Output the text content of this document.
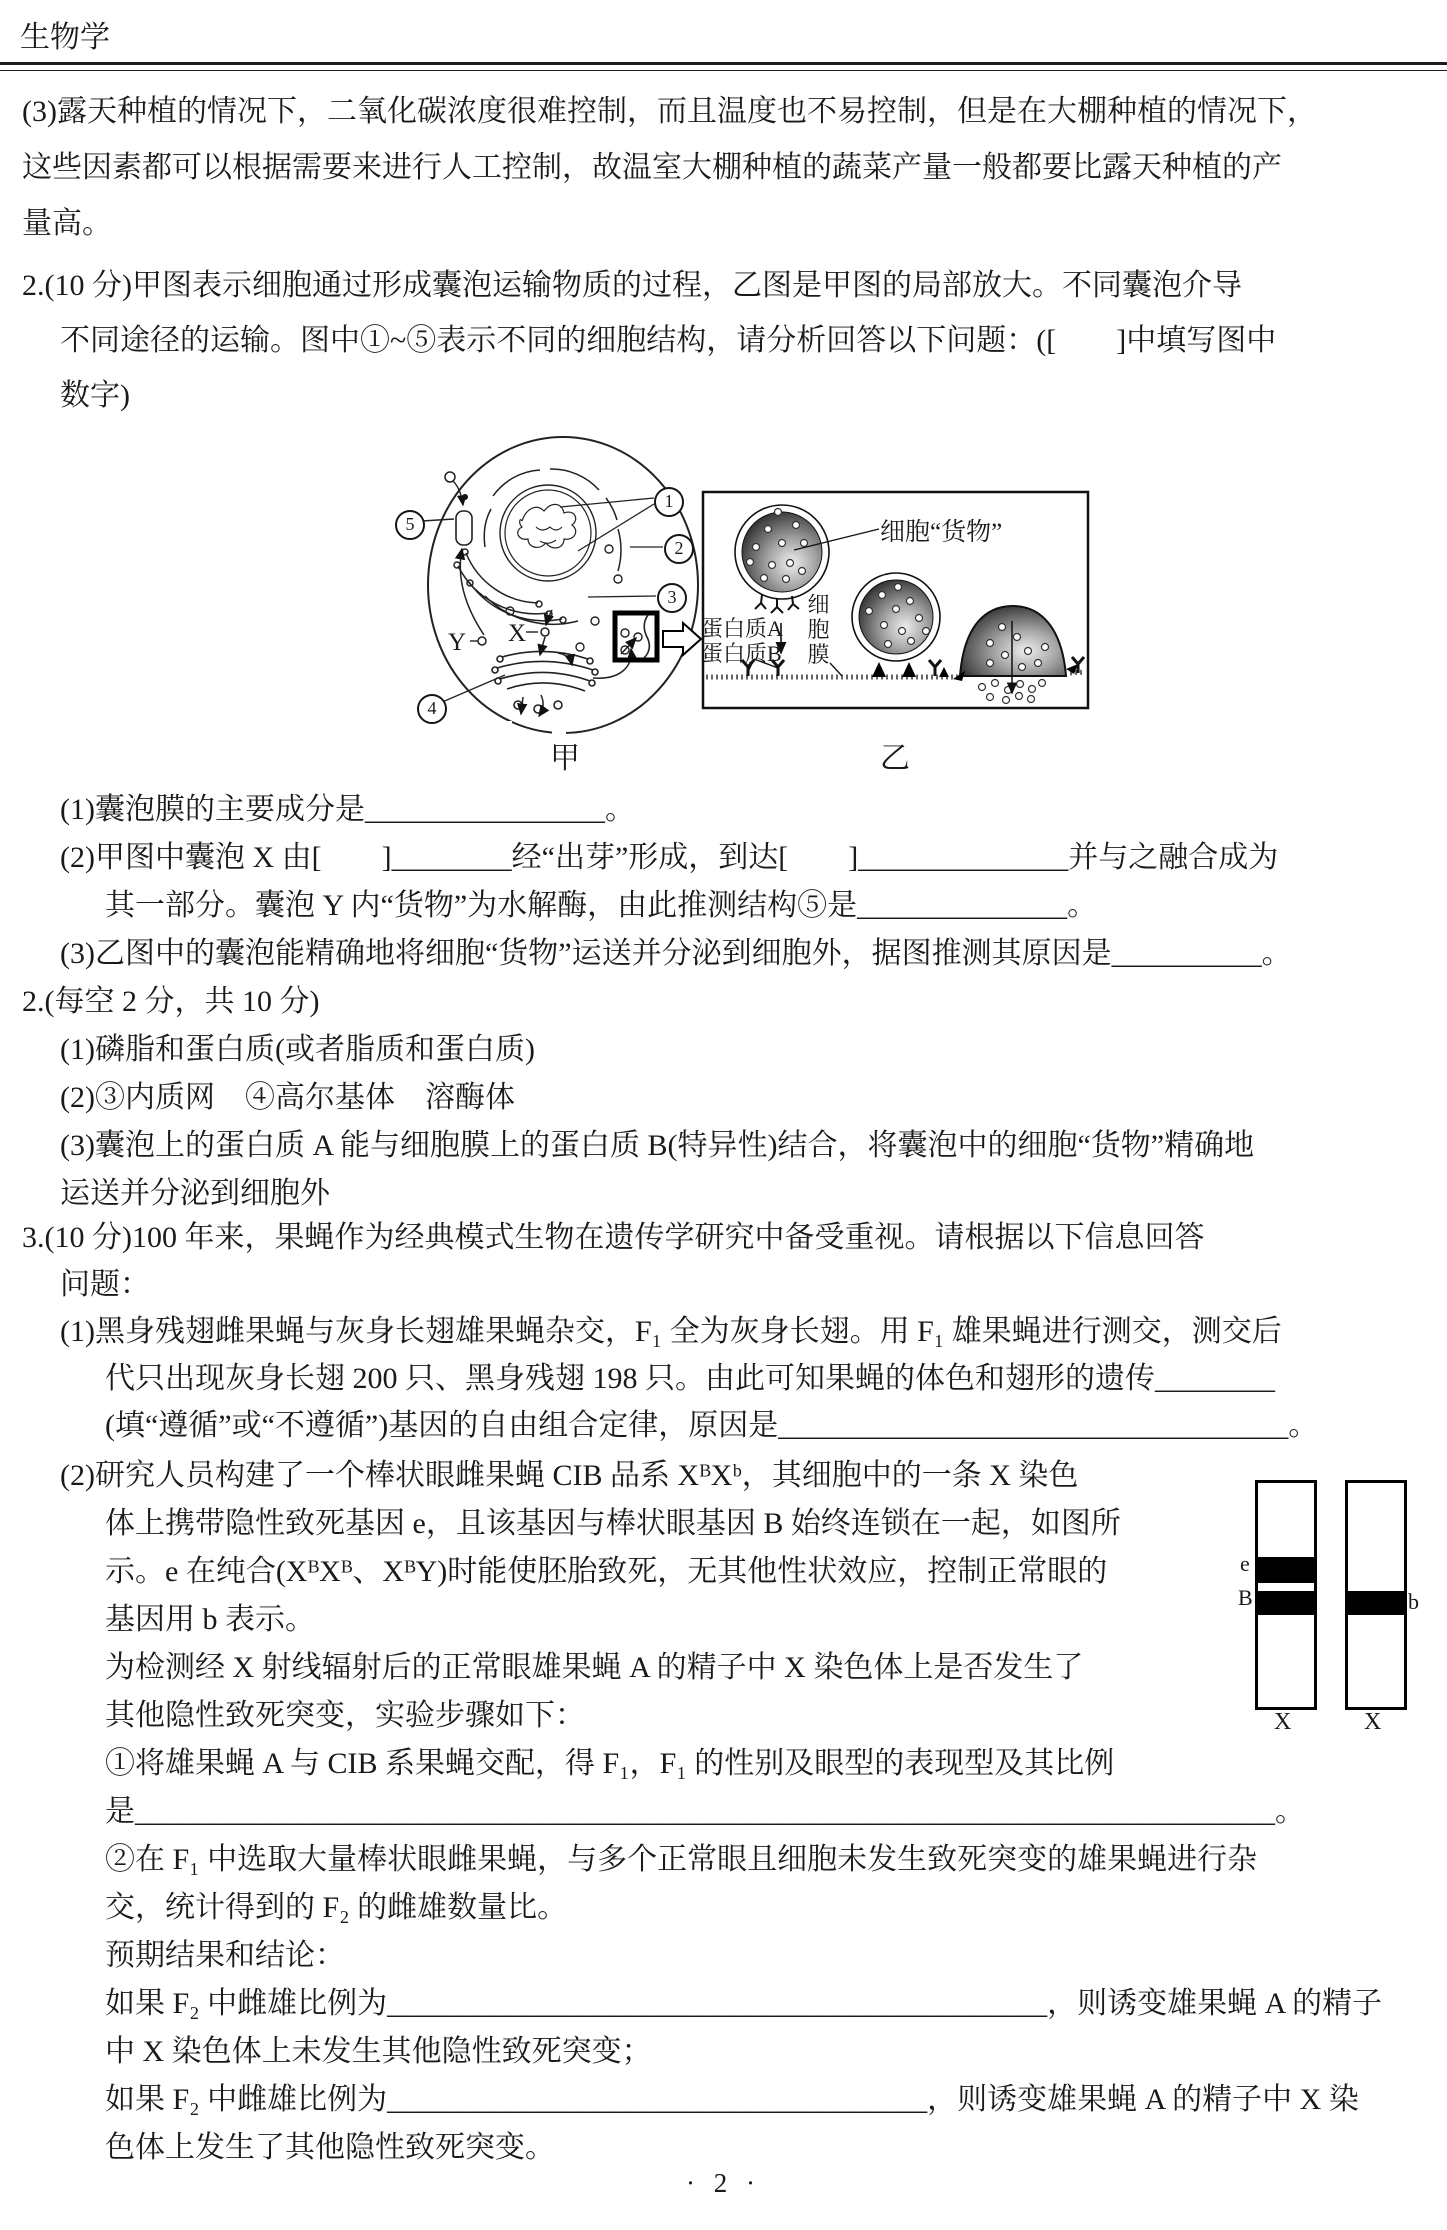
生物学
(3)露天种植的情况下，二氧化碳浓度很难控制，而且温度也不易控制，但是在大棚种植的情况下，
这些因素都可以根据需要来进行人工控制，故温室大棚种植的蔬菜产量一般都要比露天种植的产
量高。
2.(10 分)甲图表示细胞通过形成囊泡运输物质的过程，乙图是甲图的局部放大。不同囊泡介导
不同途径的运输。图中①~⑤表示不同的细胞结构，请分析回答以下问题：([　　]中填写图中
数字)
1
2
3
4
5
X
Y
甲	乙
细胞“货物”
蛋白质A
蛋白质B
细胞膜
(1)囊泡膜的主要成分是________________。
(2)甲图中囊泡 X 由[　　]________经“出芽”形成，到达[　　]______________并与之融合成为
其一部分。囊泡 Y 内“货物”为水解酶，由此推测结构⑤是______________。
(3)乙图中的囊泡能精确地将细胞“货物”运送并分泌到细胞外，据图推测其原因是__________。
2.(每空 2 分，共 10 分)
(1)磷脂和蛋白质(或者脂质和蛋白质)
(2)③内质网　④高尔基体　溶酶体
(3)囊泡上的蛋白质 A 能与细胞膜上的蛋白质 B(特异性)结合，将囊泡中的细胞“货物”精确地
运送并分泌到细胞外
3.(10 分)100 年来，果蝇作为经典模式生物在遗传学研究中备受重视。请根据以下信息回答
问题：
(1)黑身残翅雌果蝇与灰身长翅雄果蝇杂交，F₁ 全为灰身长翅。用 F₁ 雄果蝇进行测交，测交后
代只出现灰身长翅 200 只、黑身残翅 198 只。由此可知果蝇的体色和翅形的遗传________
(填“遵循”或“不遵循”)基因的自由组合定律，原因是__________________________________。
(2)研究人员构建了一个棒状眼雌果蝇 CIB 品系 XᴮXᵇ，其细胞中的一条 X 染色
体上携带隐性致死基因 e，且该基因与棒状眼基因 B 始终连锁在一起，如图所
示。e 在纯合(XᴮXᴮ、XᴮY)时能使胚胎致死，无其他性状效应，控制正常眼的
基因用 b 表示。
为检测经 X 射线辐射后的正常眼雄果蝇 A 的精子中 X 染色体上是否发生了
其他隐性致死突变，实验步骤如下：
①将雄果蝇 A 与 CIB 系果蝇交配，得 F₁，F₁ 的性别及眼型的表现型及其比例
是____________________________________________________________________________。
②在 F₁ 中选取大量棒状眼雌果蝇，与多个正常眼且细胞未发生致死突变的雄果蝇进行杂
交，统计得到的 F₂ 的雌雄数量比。
预期结果和结论：
如果 F₂ 中雌雄比例为____________________________________________，则诱变雄果蝇 A 的精子
中 X 染色体上未发生其他隐性致死突变；
如果 F₂ 中雌雄比例为____________________________________，则诱变雄果蝇 A 的精子中 X 染
色体上发生了其他隐性致死突变。
e
B	b
X	X
· 2 ·
